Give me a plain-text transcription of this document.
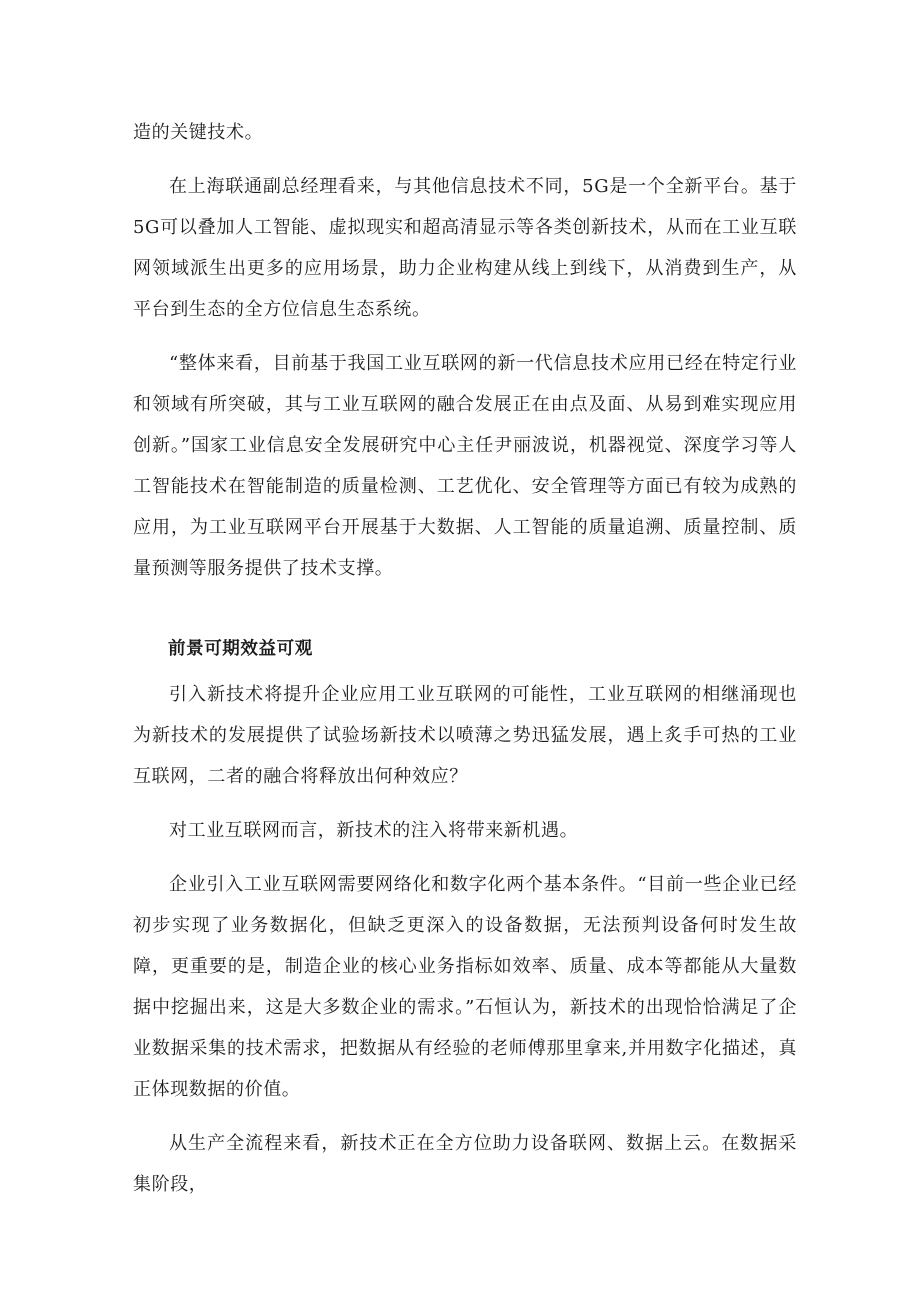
造的关键技术。

在上海联通副总经理看来，与其他信息技术不同，5G是一个全新平台。基于5G可以叠加人工智能、虚拟现实和超高清显示等各类创新技术，从而在工业互联网领域派生出更多的应用场景，助力企业构建从线上到线下，从消费到生产，从平台到生态的全方位信息生态系统。

“整体来看，目前基于我国工业互联网的新一代信息技术应用已经在特定行业和领域有所突破，其与工业互联网的融合发展正在由点及面、从易到难实现应用创新。”国家工业信息安全发展研究中心主任尹丽波说，机器视觉、深度学习等人工智能技术在智能制造的质量检测、工艺优化、安全管理等方面已有较为成熟的应用，为工业互联网平台开展基于大数据、人工智能的质量追溯、质量控制、质量预测等服务提供了技术支撑。

前景可期效益可观

引入新技术将提升企业应用工业互联网的可能性，工业互联网的相继涌现也为新技术的发展提供了试验场新技术以喷薄之势迅猛发展，遇上炙手可热的工业互联网，二者的融合将释放出何种效应？

对工业互联网而言，新技术的注入将带来新机遇。

企业引入工业互联网需要网络化和数字化两个基本条件。“目前一些企业已经初步实现了业务数据化，但缺乏更深入的设备数据，无法预判设备何时发生故障，更重要的是，制造企业的核心业务指标如效率、质量、成本等都能从大量数据中挖掘出来，这是大多数企业的需求。”石恒认为，新技术的出现恰恰满足了企业数据采集的技术需求，把数据从有经验的老师傅那里拿来,并用数字化描述，真正体现数据的价值。

从生产全流程来看，新技术正在全方位助力设备联网、数据上云。在数据采集阶段，
